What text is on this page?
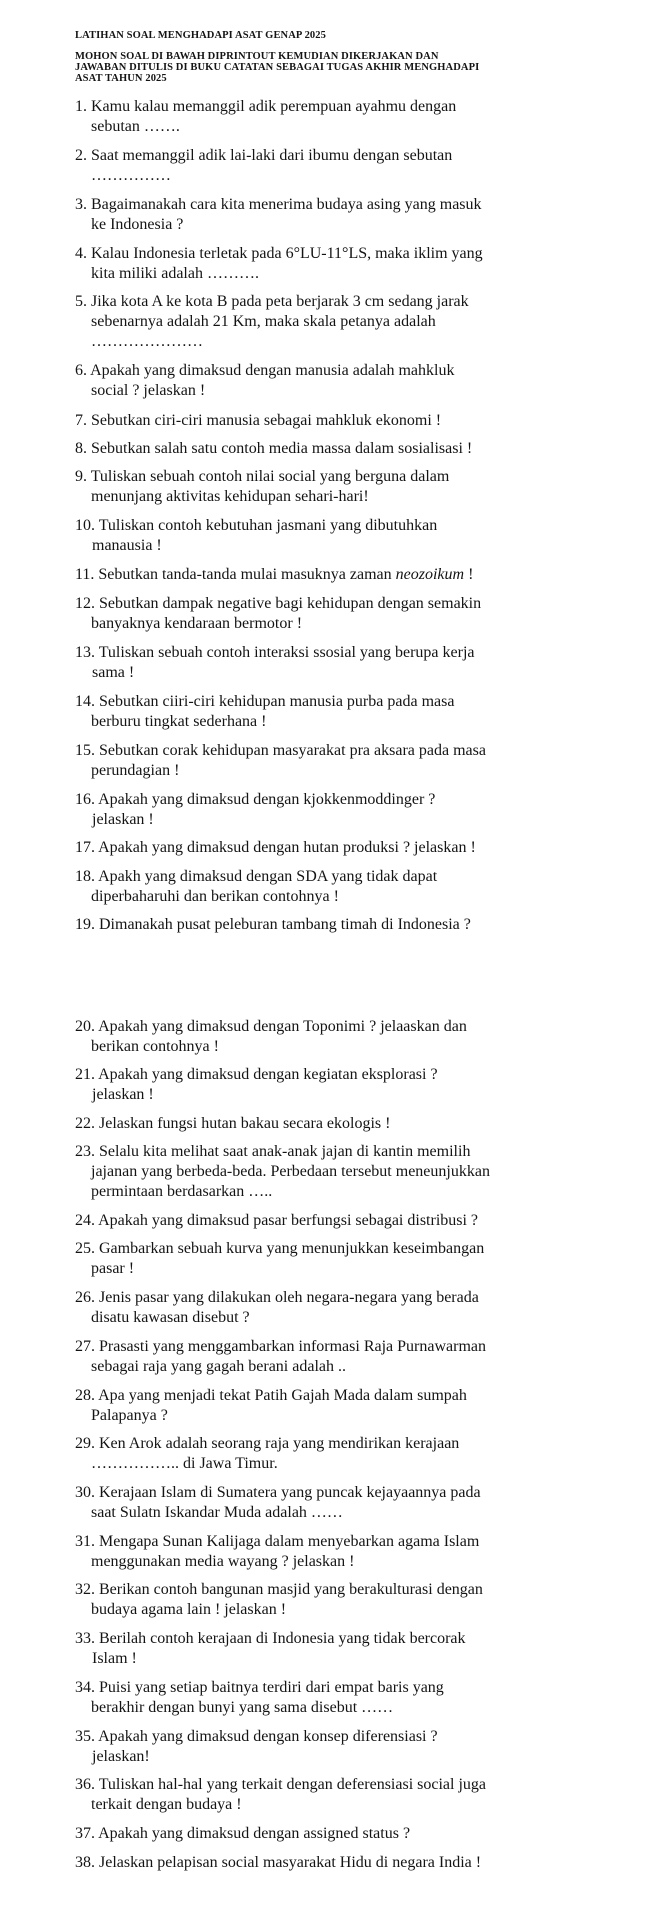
LATIHAN SOAL MENGHADAPI ASAT GENAP 2025
MOHON SOAL DI BAWAH DIPRINTOUT KEMUDIAN DIKERJAKAN DAN
JAWABAN DITULIS DI BUKU CATATAN SEBAGAI TUGAS AKHIR MENGHADAPI
ASAT TAHUN 2025
1. Kamu kalau memanggil adik perempuan ayahmu dengan
sebutan …….
2. Saat memanggil adik lai-laki dari ibumu dengan sebutan
……………
3. Bagaimanakah cara kita menerima budaya asing yang masuk
ke Indonesia ?
4. Kalau Indonesia terletak pada 6°LU-11°LS, maka iklim yang
kita miliki adalah ……….
5. Jika kota A ke kota B pada peta berjarak 3 cm sedang jarak
sebenarnya adalah 21 Km, maka skala petanya adalah
…………………
6. Apakah yang dimaksud dengan manusia adalah mahkluk
social ? jelaskan !
7. Sebutkan ciri-ciri manusia sebagai mahkluk ekonomi !
8. Sebutkan salah satu contoh media massa dalam sosialisasi !
9. Tuliskan sebuah contoh nilai social yang berguna dalam
menunjang aktivitas kehidupan sehari-hari!
10. Tuliskan contoh kebutuhan jasmani yang dibutuhkan
manausia !
11. Sebutkan tanda-tanda mulai masuknya zaman neozoikum !
12. Sebutkan dampak negative bagi kehidupan dengan semakin
banyaknya kendaraan bermotor !
13. Tuliskan sebuah contoh interaksi ssosial yang berupa kerja
sama !
14. Sebutkan ciiri-ciri kehidupan manusia purba pada masa
berburu tingkat sederhana !
15. Sebutkan corak kehidupan masyarakat pra aksara pada masa
perundagian !
16. Apakah yang dimaksud dengan kjokkenmoddinger ?
jelaskan !
17. Apakah yang dimaksud dengan hutan produksi ? jelaskan !
18. Apakh yang dimaksud dengan SDA yang tidak dapat
diperbaharuhi dan berikan contohnya !
19. Dimanakah pusat peleburan tambang timah di Indonesia ?
20. Apakah yang dimaksud dengan Toponimi ? jelaaskan dan
berikan contohnya !
21. Apakah yang dimaksud dengan kegiatan eksplorasi ?
jelaskan !
22. Jelaskan fungsi hutan bakau secara ekologis !
23. Selalu kita melihat saat anak-anak jajan di kantin memilih
jajanan yang berbeda-beda. Perbedaan tersebut meneunjukkan
permintaan berdasarkan …..
24. Apakah yang dimaksud pasar berfungsi sebagai distribusi ?
25. Gambarkan sebuah kurva yang menunjukkan keseimbangan
pasar !
26. Jenis pasar yang dilakukan oleh negara-negara yang berada
disatu kawasan disebut ?
27. Prasasti yang menggambarkan informasi Raja Purnawarman
sebagai raja yang gagah berani adalah ..
28. Apa yang menjadi tekat Patih Gajah Mada dalam sumpah
Palapanya ?
29. Ken Arok adalah seorang raja yang mendirikan kerajaan
…………….. di Jawa Timur.
30. Kerajaan Islam di Sumatera yang puncak kejayaannya pada
saat Sulatn Iskandar Muda adalah ……
31. Mengapa Sunan Kalijaga dalam menyebarkan agama Islam
menggunakan media wayang ? jelaskan !
32. Berikan contoh bangunan masjid yang berakulturasi dengan
budaya agama lain ! jelaskan !
33. Berilah contoh kerajaan di Indonesia yang tidak bercorak
Islam !
34. Puisi yang setiap baitnya terdiri dari empat baris yang
berakhir dengan bunyi yang sama disebut ……
35. Apakah yang dimaksud dengan konsep diferensiasi ?
jelaskan!
36. Tuliskan hal-hal yang terkait dengan deferensiasi social juga
terkait dengan budaya !
37. Apakah yang dimaksud dengan assigned status ?
38. Jelaskan pelapisan social masyarakat Hidu di negara India !
